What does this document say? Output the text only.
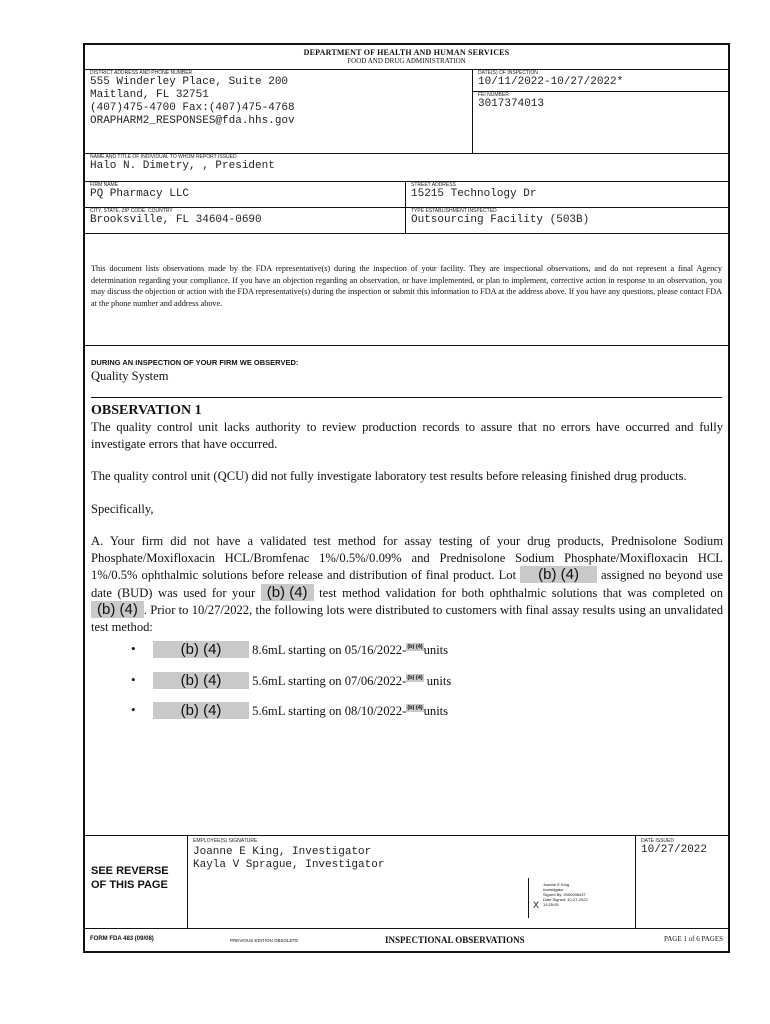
DEPARTMENT OF HEALTH AND HUMAN SERVICES
FOOD AND DRUG ADMINISTRATION
DISTRICT ADDRESS AND PHONE NUMBER
555 Winderley Place, Suite 200
Maitland, FL 32751
(407)475-4700 Fax:(407)475-4768
ORAPHARM2_RESPONSES@fda.hhs.gov
DATE(S) OF INSPECTION
10/11/2022-10/27/2022*
FEI NUMBER
3017374013
NAME AND TITLE OF INDIVIDUAL TO WHOM REPORT ISSUED
Halo N. Dimetry, , President
FIRM NAME
PQ Pharmacy LLC
STREET ADDRESS
15215 Technology Dr
CITY, STATE, ZIP CODE, COUNTRY
Brooksville, FL 34604-0690
TYPE ESTABLISHMENT INSPECTED
Outsourcing Facility (503B)
This document lists observations made by the FDA representative(s) during the inspection of your facility. They are inspectional observations, and do not represent a final Agency determination regarding your compliance. If you have an objection regarding an observation, or have implemented, or plan to implement, corrective action in response to an observation, you may discuss the objection or action with the FDA representative(s) during the inspection or submit this information to FDA at the address above. If you have any questions, please contact FDA at the phone number and address above.
DURING AN INSPECTION OF YOUR FIRM WE OBSERVED:
Quality System

OBSERVATION 1

The quality control unit lacks authority to review production records to assure that no errors have occurred and fully investigate errors that have occurred.

The quality control unit (QCU) did not fully investigate laboratory test results before releasing finished drug products.

Specifically,

A. Your firm did not have a validated test method for assay testing of your drug products, Prednisolone Sodium Phosphate/Moxifloxacin HCL/Bromfenac 1%/0.5%/0.09% and Prednisolone Sodium Phosphate/Moxifloxacin HCL 1%/0.5% ophthalmic solutions before release and distribution of final product. Lot (b) (4) assigned no beyond use date (BUD) was used for your (b) (4) test method validation for both ophthalmic solutions that was completed on (b) (4) . Prior to 10/27/2022, the following lots were distributed to customers with final assay results using an unvalidated test method:

•	(b) (4) 8.6mL starting on 05/16/2022-(b) (4)units
•	(b) (4) 5.6mL starting on 07/06/2022-(b) (4) units
•	(b) (4) 5.6mL starting on 08/10/2022-(b) (4)units
SEE REVERSE
OF THIS PAGE
EMPLOYEE(S) SIGNATURE
Joanne E King, Investigator
Kayla V Sprague, Investigator
Joanne E King
Investigator
Signed By: 2000006437
Date Signed: 10-27-2022
13:25:05
X
DATE ISSUED
10/27/2022
FORM FDA 483 (09/08)	PREVIOUS EDITION OBSOLETE	INSPECTIONAL OBSERVATIONS	PAGE 1 of 6 PAGES
